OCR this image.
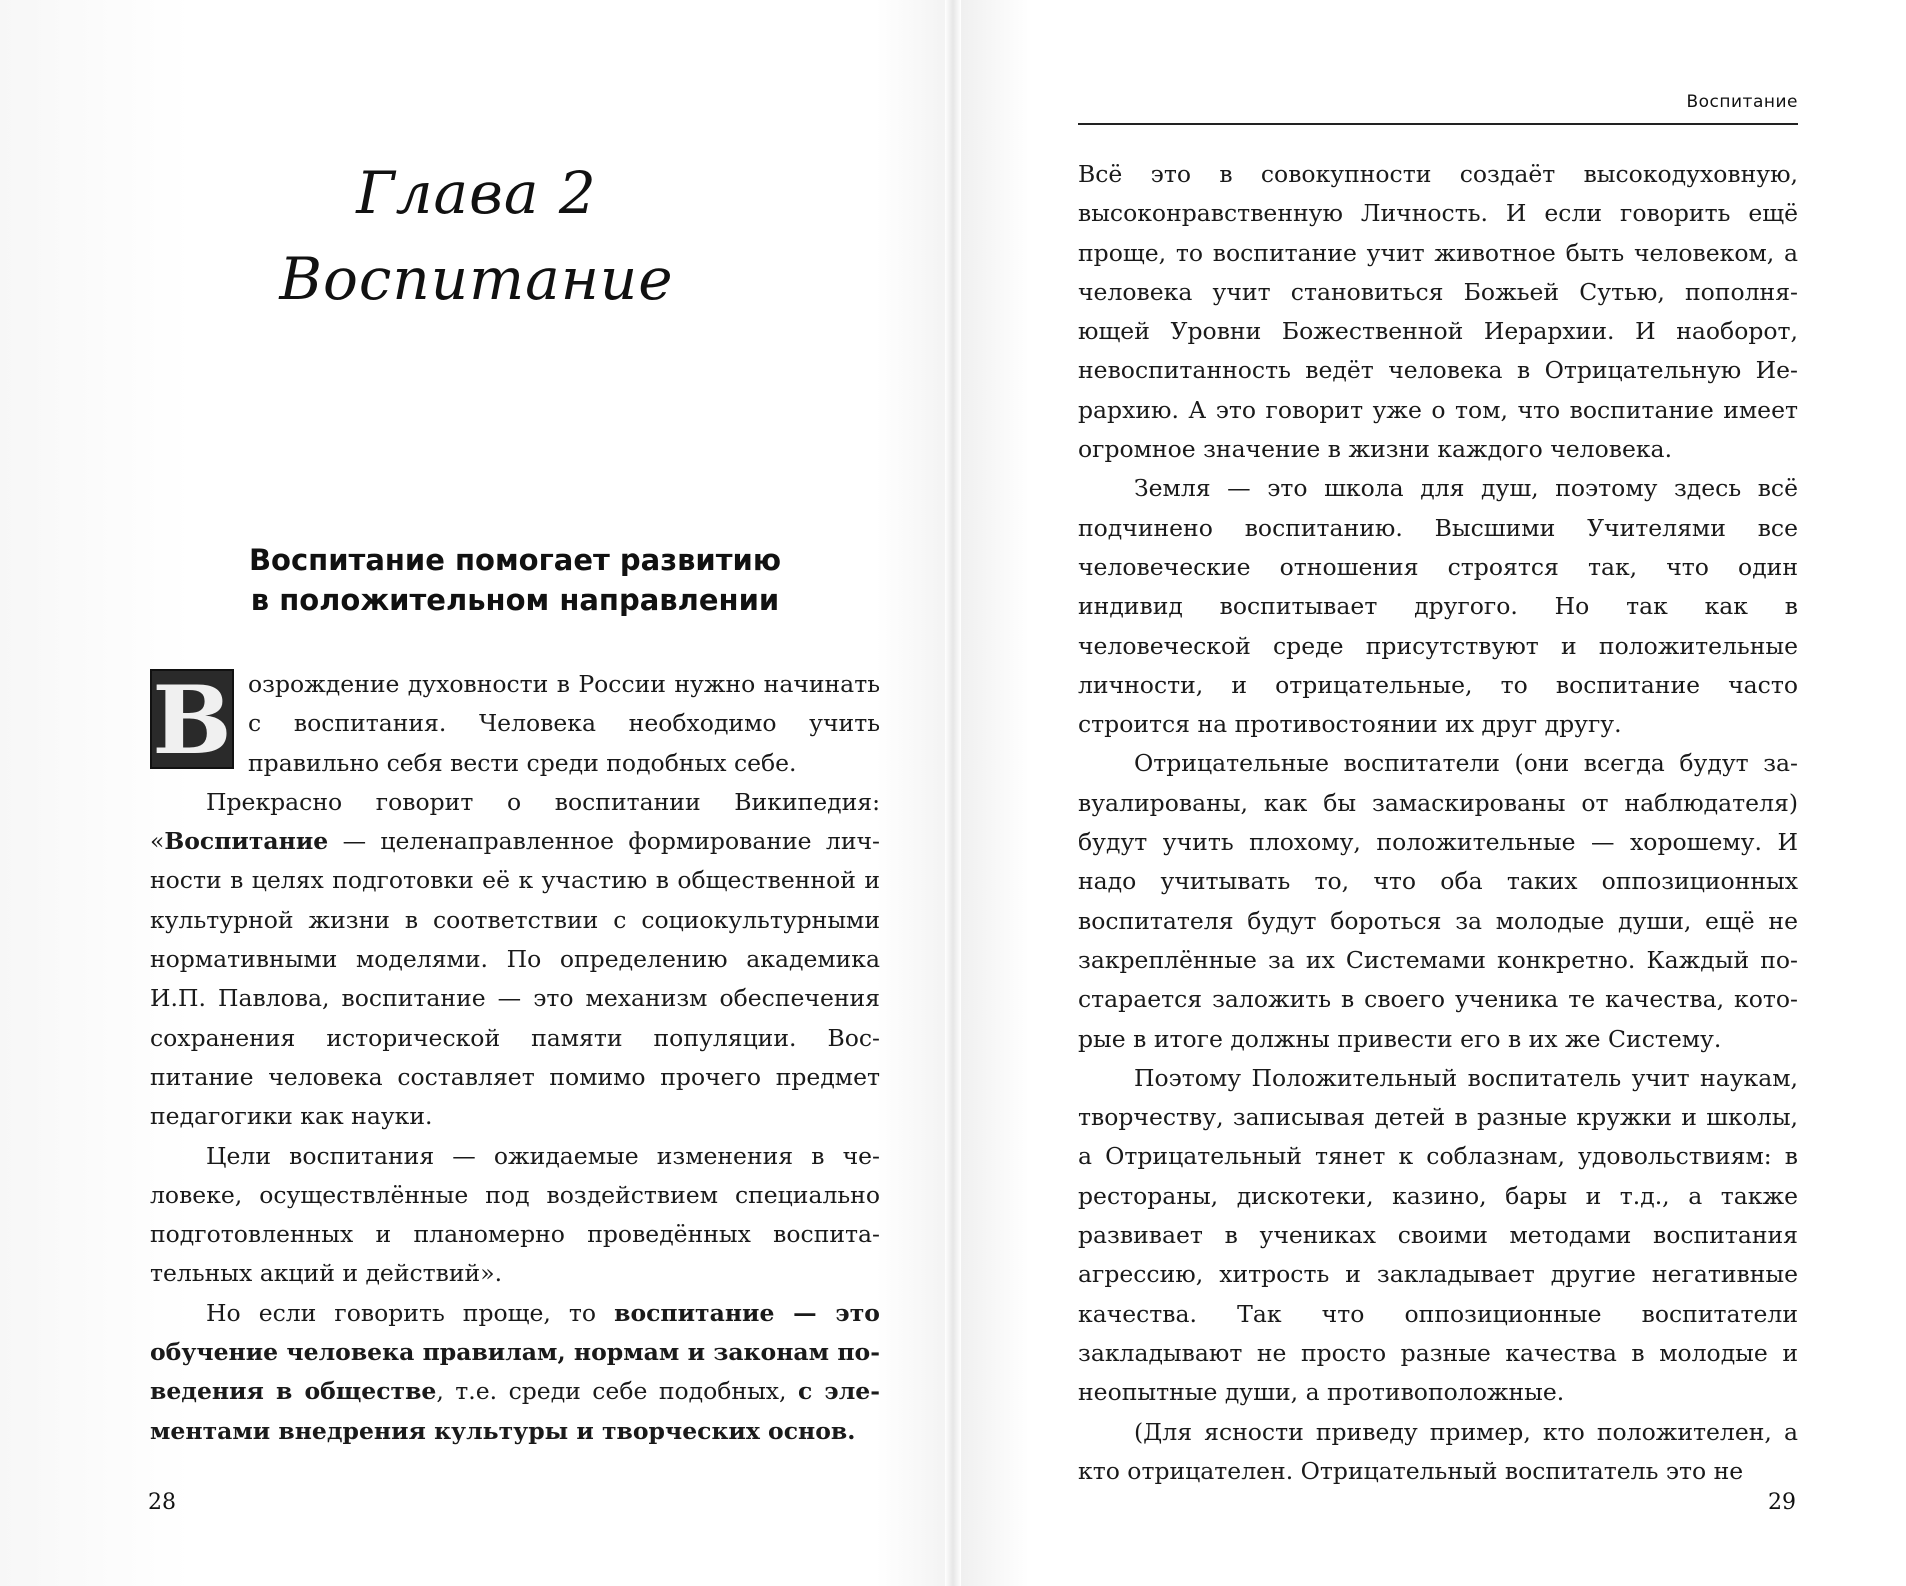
Глава 2
Воспитание
Воспитание помогает развитию
в положительном направлении

В озрождение духовности в России нужно начинать с воспитания. Человека необходимо учить правильно себя вести среди подобных себе.

Прекрасно говорит о воспитании Википедия: «Воспитание — целенаправленное формирование личности в целях подготовки её к участию в общественной и культурной жизни в соответствии с социокультурными нормативными моделями. По определению академика И.П. Павлова, воспитание — это механизм обеспечения сохранения исторической памяти популяции. Воспитание человека составляет помимо прочего предмет педагогики как науки.

Цели воспитания — ожидаемые изменения в человеке, осуществлённые под воздействием специально подготовленных и планомерно проведённых воспитательных акций и действий».

Но если говорить проще, то воспитание — это обучение человека правилам, нормам и законам поведения в обществе, т.е. среди себе подобных, с элементами внедрения культуры и творческих основ.

28
Воспитание

Всё это в совокупности создаёт высокодуховную, высоконравственную Личность. И если говорить ещё проще, то воспитание учит животное быть человеком, а человека учит становиться Божьей Сутью, пополняющей Уровни Божественной Иерархии. И наоборот, невоспитанность ведёт человека в Отрицательную Иерархию. А это говорит уже о том, что воспитание имеет огромное значение в жизни каждого человека.

Земля — это школа для душ, поэтому здесь всё подчинено воспитанию. Высшими Учителями все человеческие отношения строятся так, что один индивид воспитывает другого. Но так как в человеческой среде присутствуют и положительные личности, и отрицательные, то воспитание часто строится на противостоянии их друг другу.

Отрицательные воспитатели (они всегда будут завуалированы, как бы замаскированы от наблюдателя) будут учить плохому, положительные — хорошему. И надо учитывать то, что оба таких оппозиционных воспитателя будут бороться за молодые души, ещё не закреплённые за их Системами конкретно. Каждый постарается заложить в своего ученика те качества, которые в итоге должны привести его в их же Систему.

Поэтому Положительный воспитатель учит наукам, творчеству, записывая детей в разные кружки и школы, а Отрицательный тянет к соблазнам, удовольствиям: в рестораны, дискотеки, казино, бары и т.д., а также развивает в учениках своими методами воспитания агрессию, хитрость и закладывает другие негативные качества. Так что оппозиционные воспитатели закладывают не просто разные качества в молодые и неопытные души, а противоположные.

(Для ясности приведу пример, кто положителен, а кто отрицателен. Отрицательный воспитатель это не

29
